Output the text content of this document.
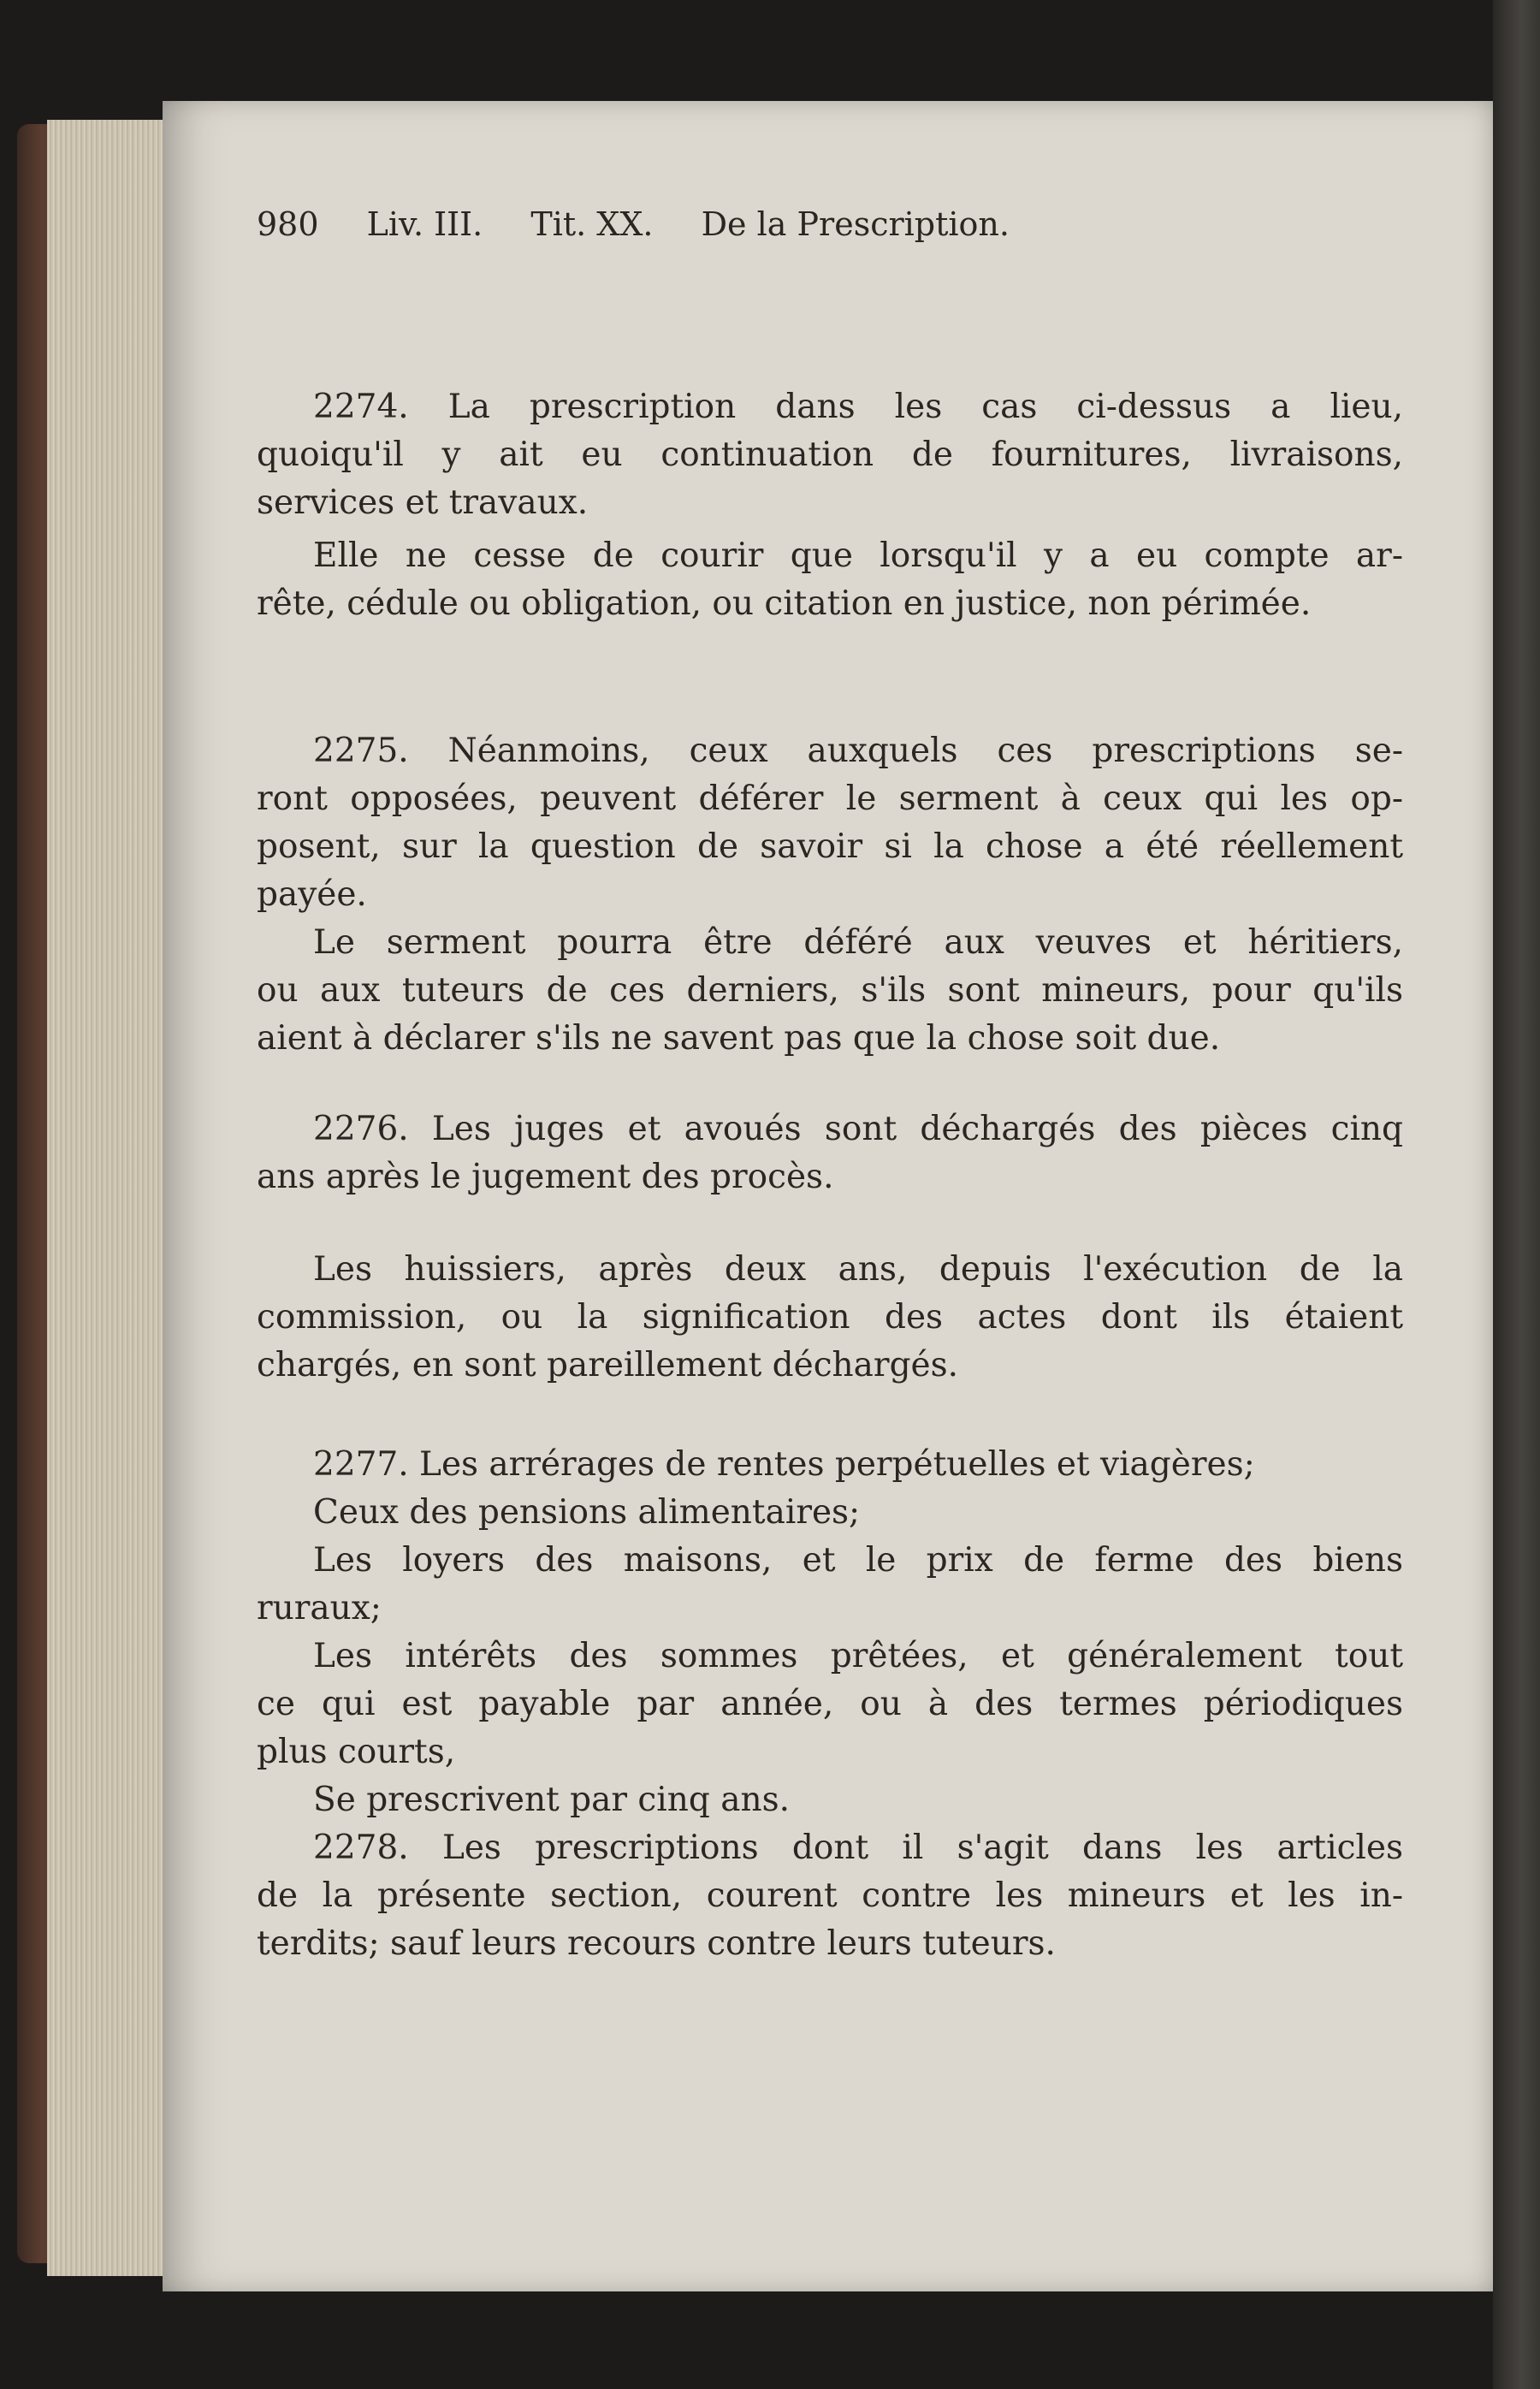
980 Liv. III. Tit. XX. De la Prescription.
2274. La prescription dans les cas ci-dessus a lieu,
quoiqu'il y ait eu continuation de fournitures, livraisons,
services et travaux.
Elle ne cesse de courir que lorsqu'il y a eu compte ar-
rête, cédule ou obligation, ou citation en justice, non périmée.
2275. Néanmoins, ceux auxquels ces prescriptions se-
ront opposées, peuvent déférer le serment à ceux qui les op-
posent, sur la question de savoir si la chose a été réellement
payée.
Le serment pourra être déféré aux veuves et héritiers,
ou aux tuteurs de ces derniers, s'ils sont mineurs, pour qu'ils
aient à déclarer s'ils ne savent pas que la chose soit due.
2276. Les juges et avoués sont déchargés des pièces cinq
ans après le jugement des procès.
Les huissiers, après deux ans, depuis l'exécution de la
commission, ou la signification des actes dont ils étaient
chargés, en sont pareillement déchargés.
2277. Les arrérages de rentes perpétuelles et viagères;
Ceux des pensions alimentaires;
Les loyers des maisons, et le prix de ferme des biens
ruraux;
Les intérêts des sommes prêtées, et généralement tout
ce qui est payable par année, ou à des termes périodiques
plus courts,
Se prescrivent par cinq ans.
2278. Les prescriptions dont il s'agit dans les articles
de la présente section, courent contre les mineurs et les in-
terdits; sauf leurs recours contre leurs tuteurs.
